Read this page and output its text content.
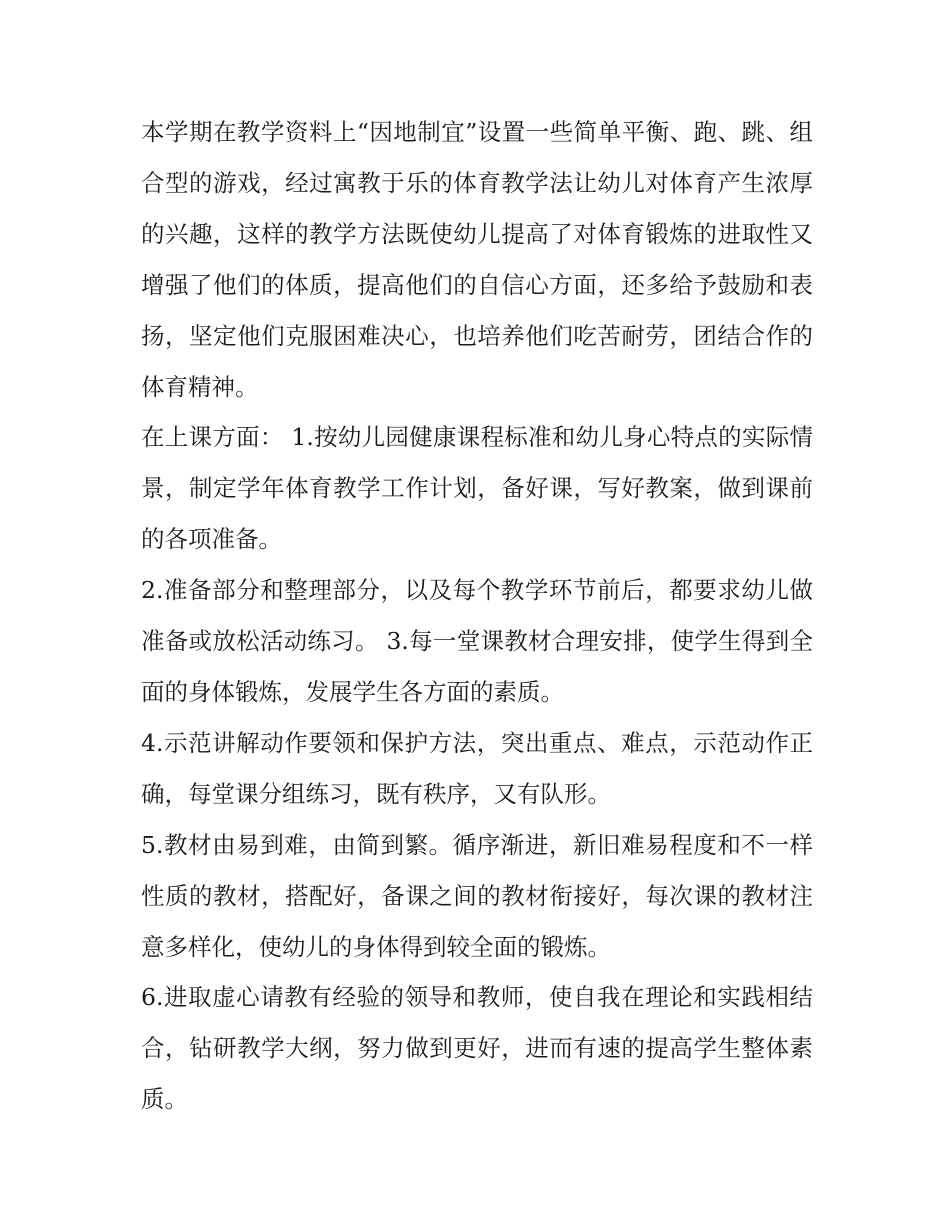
本学期在教学资料上“因地制宜”设置一些简单平衡、跑、跳、组合型的游戏，经过寓教于乐的体育教学法让幼儿对体育产生浓厚的兴趣，这样的教学方法既使幼儿提高了对体育锻炼的进取性又增强了他们的体质，提高他们的自信心方面，还多给予鼓励和表扬，坚定他们克服困难决心，也培养他们吃苦耐劳，团结合作的体育精神。

在上课方面： 1.按幼儿园健康课程标准和幼儿身心特点的实际情景，制定学年体育教学工作计划，备好课，写好教案，做到课前的各项准备。

2.准备部分和整理部分，以及每个教学环节前后，都要求幼儿做准备或放松活动练习。 3.每一堂课教材合理安排，使学生得到全面的身体锻炼，发展学生各方面的素质。

4.示范讲解动作要领和保护方法，突出重点、难点，示范动作正确，每堂课分组练习，既有秩序，又有队形。

5.教材由易到难，由简到繁。循序渐进，新旧难易程度和不一样性质的教材，搭配好，备课之间的教材衔接好，每次课的教材注意多样化，使幼儿的身体得到较全面的锻炼。

6.进取虚心请教有经验的领导和教师，使自我在理论和实践相结合，钻研教学大纲，努力做到更好，进而有速的提高学生整体素质。
